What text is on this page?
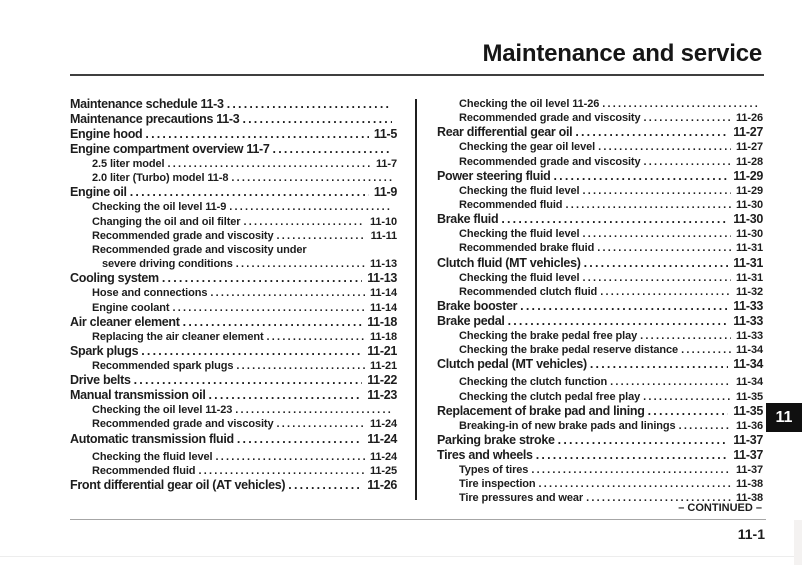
Maintenance and service
Maintenance schedule 11-3
.....
Maintenance precautions 11-3
.....
Engine hood .....	11-5
Engine compartment overview 11-7
.....
2.5 liter model .....	11-7
2.0 liter (Turbo) model 11-8
.....
Engine oil .....	11-9
Checking the oil level 11-9
.....
Changing the oil and oil filter .....	11-10
Recommended grade and viscosity .....	11-11
Recommended grade and viscosity under
severe driving conditions .....	11-13
Cooling system .....	11-13
Hose and connections .....	11-14
Engine coolant .....	11-14
Air cleaner element .....	11-18
Replacing the air cleaner element .....	11-18
Spark plugs .....	11-21
Recommended spark plugs .....	11-21
Drive belts .....	11-22
Manual transmission oil .....	11-23
Checking the oil level 11-23
.....
Recommended grade and viscosity .....	11-24
Automatic transmission fluid .....	11-24
Checking the fluid level .....	11-24
Recommended fluid .....	11-25
Front differential gear oil (AT vehicles) .....	11-26
Checking the oil level 11-26
.....
Recommended grade and viscosity .....	11-26
Rear differential gear oil .....	11-27
Checking the gear oil level .....	11-27
Recommended grade and viscosity .....	11-28
Power steering fluid .....	11-29
Checking the fluid level .....	11-29
Recommended fluid .....	11-30
Brake fluid .....	11-30
Checking the fluid level .....	11-30
Recommended brake fluid .....	11-31
Clutch fluid (MT vehicles) .....	11-31
Checking the fluid level .....	11-31
Recommended clutch fluid .....	11-32
Brake booster .....	11-33
Brake pedal .....	11-33
Checking the brake pedal free play .....	11-33
Checking the brake pedal reserve distance .....	11-34
Clutch pedal (MT vehicles) .....	11-34
Checking the clutch function .....	11-34
Checking the clutch pedal free play .....	11-35
Replacement of brake pad and lining .....	11-35
Breaking-in of new brake pads and linings .....	11-36
Parking brake stroke .....	11-37
Tires and wheels .....	11-37
Types of tires .....	11-37
Tire inspection .....	11-38
Tire pressures and wear .....	11-38
11
– CONTINUED –
11-1
